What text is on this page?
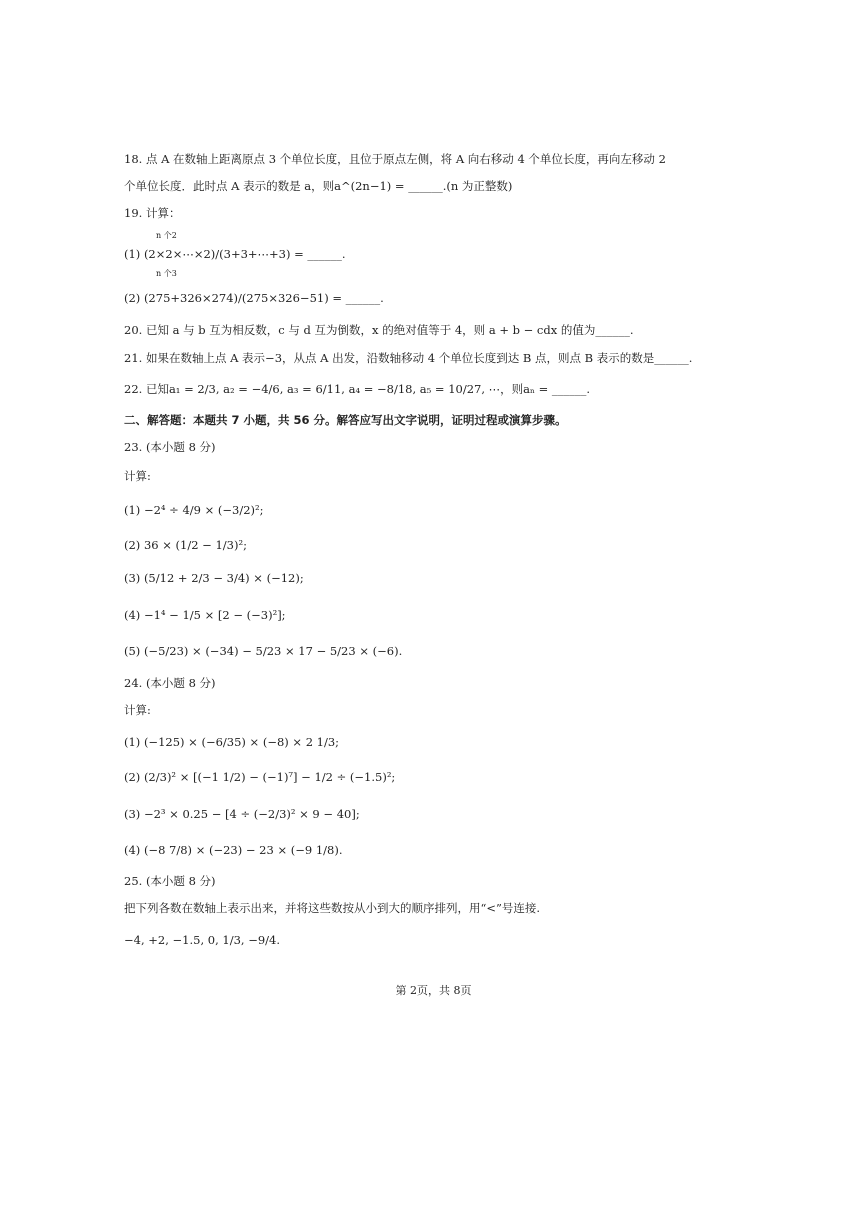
18. 点 A 在数轴上距离原点 3 个单位长度，且位于原点左侧，将 A 向右移动 4 个单位长度，再向左移动 2
个单位长度．此时点 A 表示的数是 a，则a^(2n−1) = ______.(n 为正整数)
19. 计算：
n 个2
(1) (2×2×⋯×2)/(3+3+⋯+3) = ______.
n 个3
(2) (275+326×274)/(275×326−51) = ______.
20. 已知 a 与 b 互为相反数，c 与 d 互为倒数，x 的绝对值等于 4，则 a + b − cdx 的值为______.
21. 如果在数轴上点 A 表示−3，从点 A 出发，沿数轴移动 4 个单位长度到达 B 点，则点 B 表示的数是______.
22. 已知a₁ = 2/3, a₂ = −4/6, a₃ = 6/11, a₄ = −8/18, a₅ = 10/27, ⋯，则aₙ = ______.
二、解答题：本题共 7 小题，共 56 分。解答应写出文字说明，证明过程或演算步骤。
23. (本小题 8 分)
计算:
(1) −2⁴ ÷ 4/9 × (−3/2)²;
(2) 36 × (1/2 − 1/3)²;
(3) (5/12 + 2/3 − 3/4) × (−12);
(4) −1⁴ − 1/5 × [2 − (−3)²];
(5) (−5/23) × (−34) − 5/23 × 17 − 5/23 × (−6).
24. (本小题 8 分)
计算:
(1) (−125) × (−6/35) × (−8) × 2 1/3;
(2) (2/3)² × [(−1 1/2) − (−1)⁷] − 1/2 ÷ (−1.5)²;
(3) −2³ × 0.25 − [4 ÷ (−2/3)² × 9 − 40];
(4) (−8 7/8) × (−23) − 23 × (−9 1/8).
25. (本小题 8 分)
把下列各数在数轴上表示出来，并将这些数按从小到大的顺序排列，用“<”号连接.
−4, +2, −1.5, 0, 1/3, −9/4.
第 2页，共 8页
